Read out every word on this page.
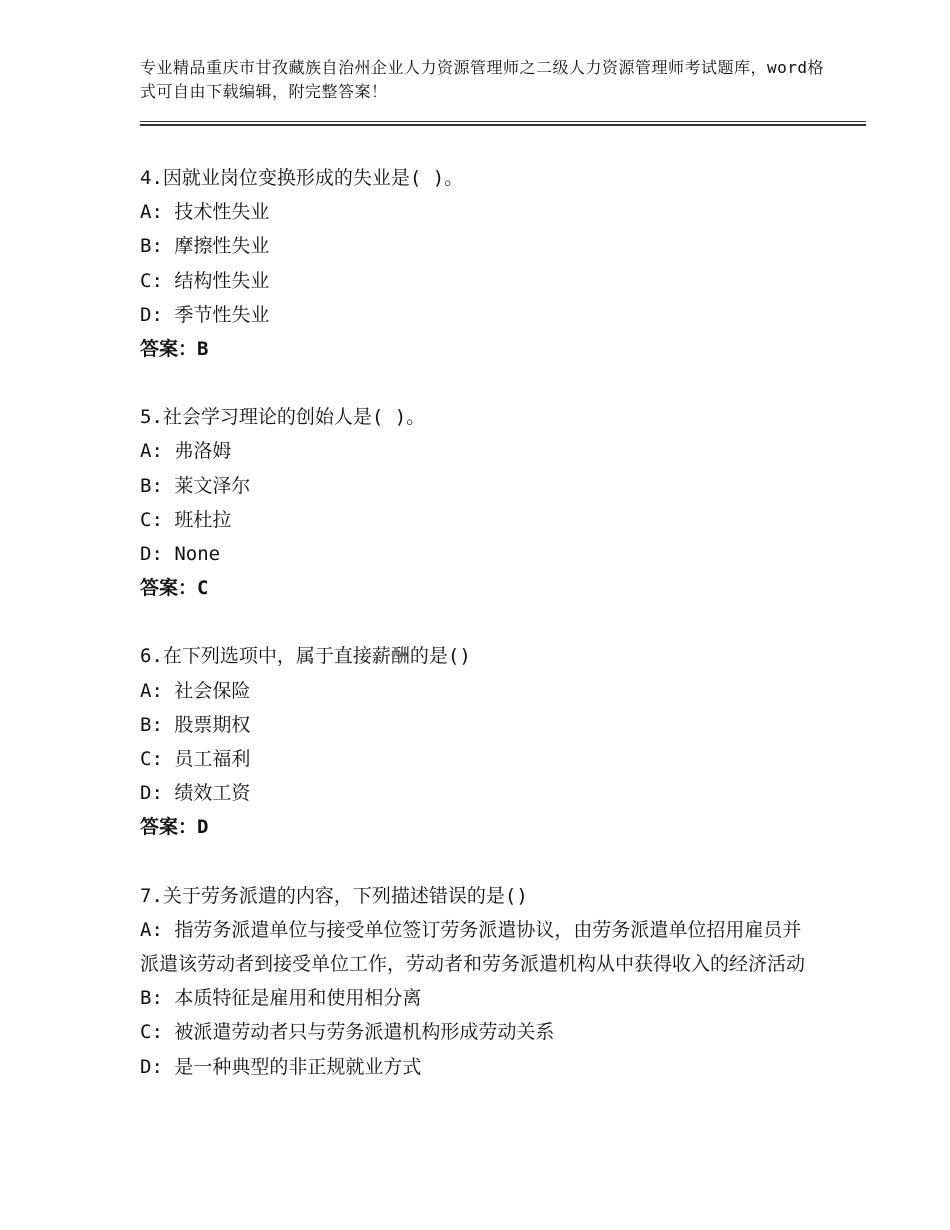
专业精品重庆市甘孜藏族自治州企业人力资源管理师之二级人力资源管理师考试题库，word格式可自由下载编辑，附完整答案！
4.因就业岗位变换形成的失业是( )。
A: 技术性失业
B: 摩擦性失业
C: 结构性失业
D: 季节性失业
答案：B
5.社会学习理论的创始人是( )。
A: 弗洛姆
B: 莱文泽尔
C: 班杜拉
D: None
答案：C
6.在下列选项中，属于直接薪酬的是()
A: 社会保险
B: 股票期权
C: 员工福利
D: 绩效工资
答案：D
7.关于劳务派遣的内容，下列描述错误的是()
A: 指劳务派遣单位与接受单位签订劳务派遣协议，由劳务派遣单位招用雇员并派遣该劳动者到接受单位工作，劳动者和劳务派遣机构从中获得收入的经济活动
B: 本质特征是雇用和使用相分离
C: 被派遣劳动者只与劳务派遣机构形成劳动关系
D: 是一种典型的非正规就业方式
